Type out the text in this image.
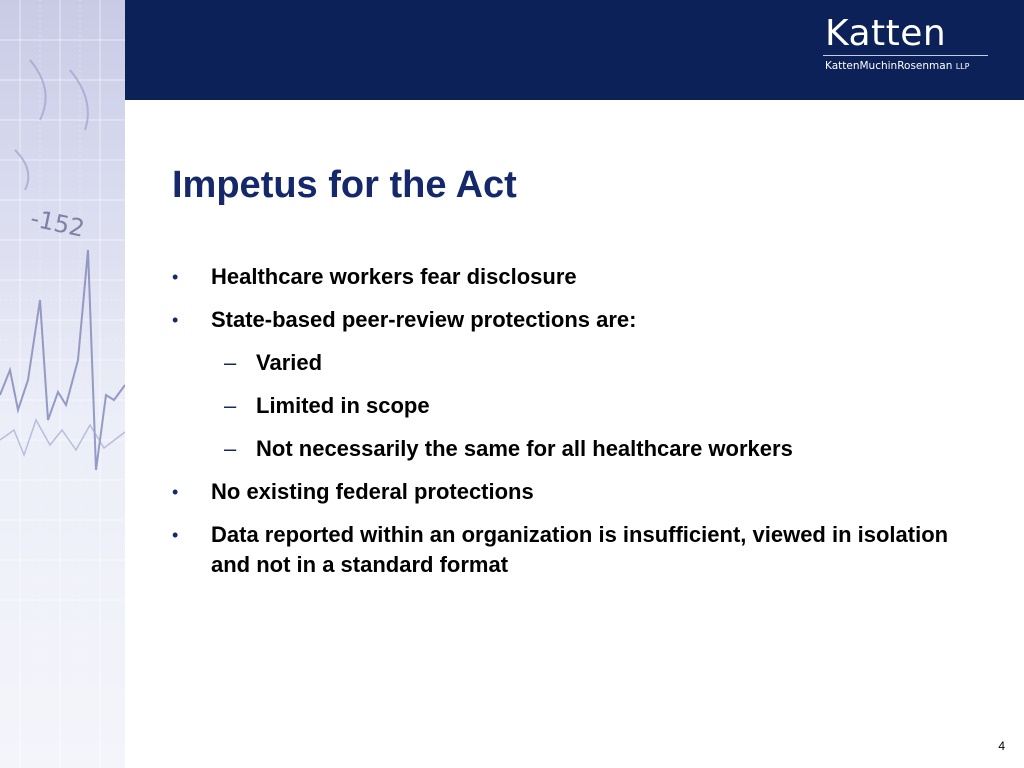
-152
Katten
KattenMuchinRosenman LLP
Impetus for the Act
• Healthcare workers fear disclosure
• State-based peer-review protections are:
– Varied
– Limited in scope
– Not necessarily the same for all healthcare workers
• No existing federal protections
• Data reported within an organization is insufficient, viewed in isolation and not in a standard format
4
